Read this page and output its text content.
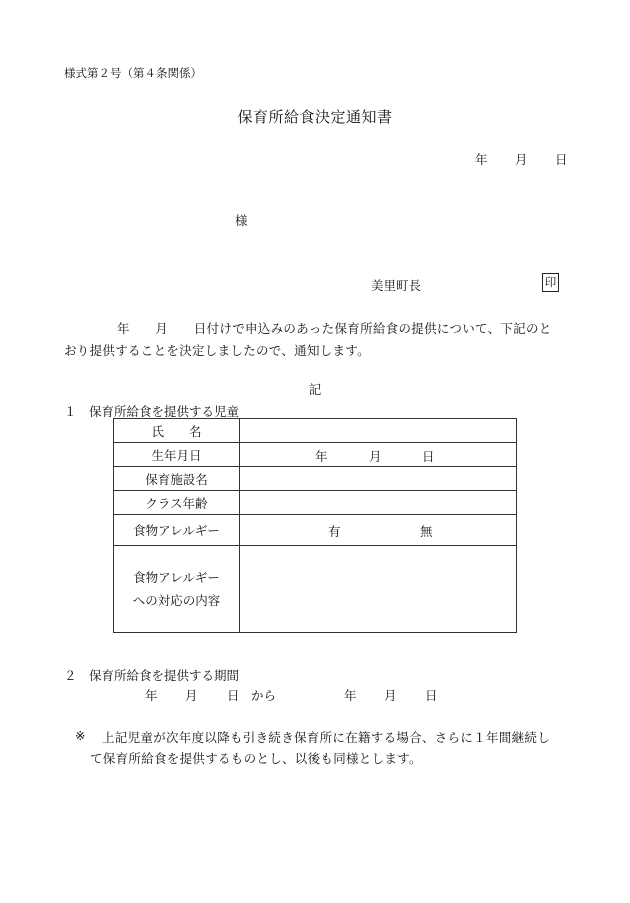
様式第２号（第４条関係）
保育所給食決定通知書
年 月 日
様
美里町長	印
年　　月　　日付けで申込みのあった保育所給食の提供について、下記のと
おり提供することを決定しましたので、通知します。
記
１　保育所給食を提供する児童
氏　　名	
生年月日	年 月 日

保育施設名	
クラス年齢	
食物アレルギー	有 無

食物アレルギー
への対応の内容	

２　保育所給食を提供する期間
年 月 日 から	年 月 日
※ 上記児童が次年度以降も引き続き保育所に在籍する場合、さらに１年間継続し
て保育所給食を提供するものとし、以後も同様とします。
